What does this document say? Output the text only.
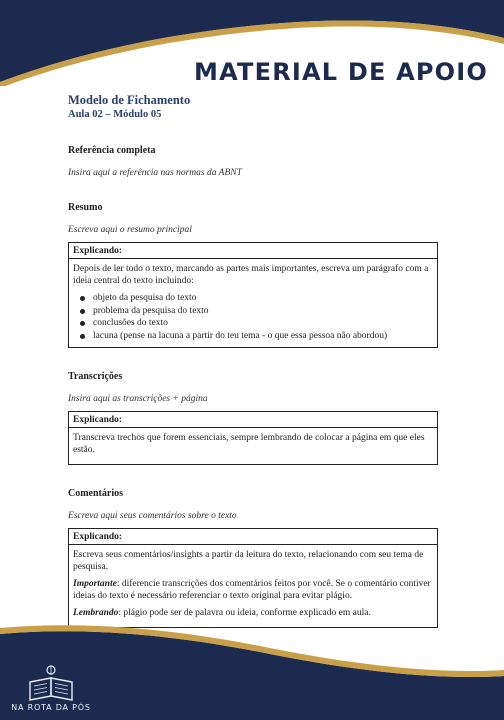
MATERIAL DE APOIO
Modelo de Fichamento
Aula 02 – Módulo 05
Referência completa
Insira aqui a referência nas normas da ABNT
Resumo
Escreva aqui o resumo principal
Explicando:

Depois de ler todo o texto, marcando as partes mais importantes, escreva um parágrafo com a ideia central do texto incluindo:

objeto da pesquisa do texto
problema da pesquisa do texto
conclusões do texto
lacuna (pense na lacuna a partir do teu tema - o que essa pessoa não abordou)
Transcrições
Insira aqui as transcrições + página
Explicando:

Transcreva trechos que forem essenciais, sempre lembrando de colocar a página em que eles estão.

Comentários
Escreva aqui seus comentários sobre o texto
Explicando:

Escreva seus comentários/insights a partir da leitura do texto, relacionando com seu tema de pesquisa.

Importante: diferencie transcrições dos comentários feitos por você. Se o comentário contiver ideias do texto é necessário referenciar o texto original para evitar plágio.

Lembrando: plágio pode ser de palavra ou ideia, conforme explicado em aula.

NA ROTA DA PÓS
